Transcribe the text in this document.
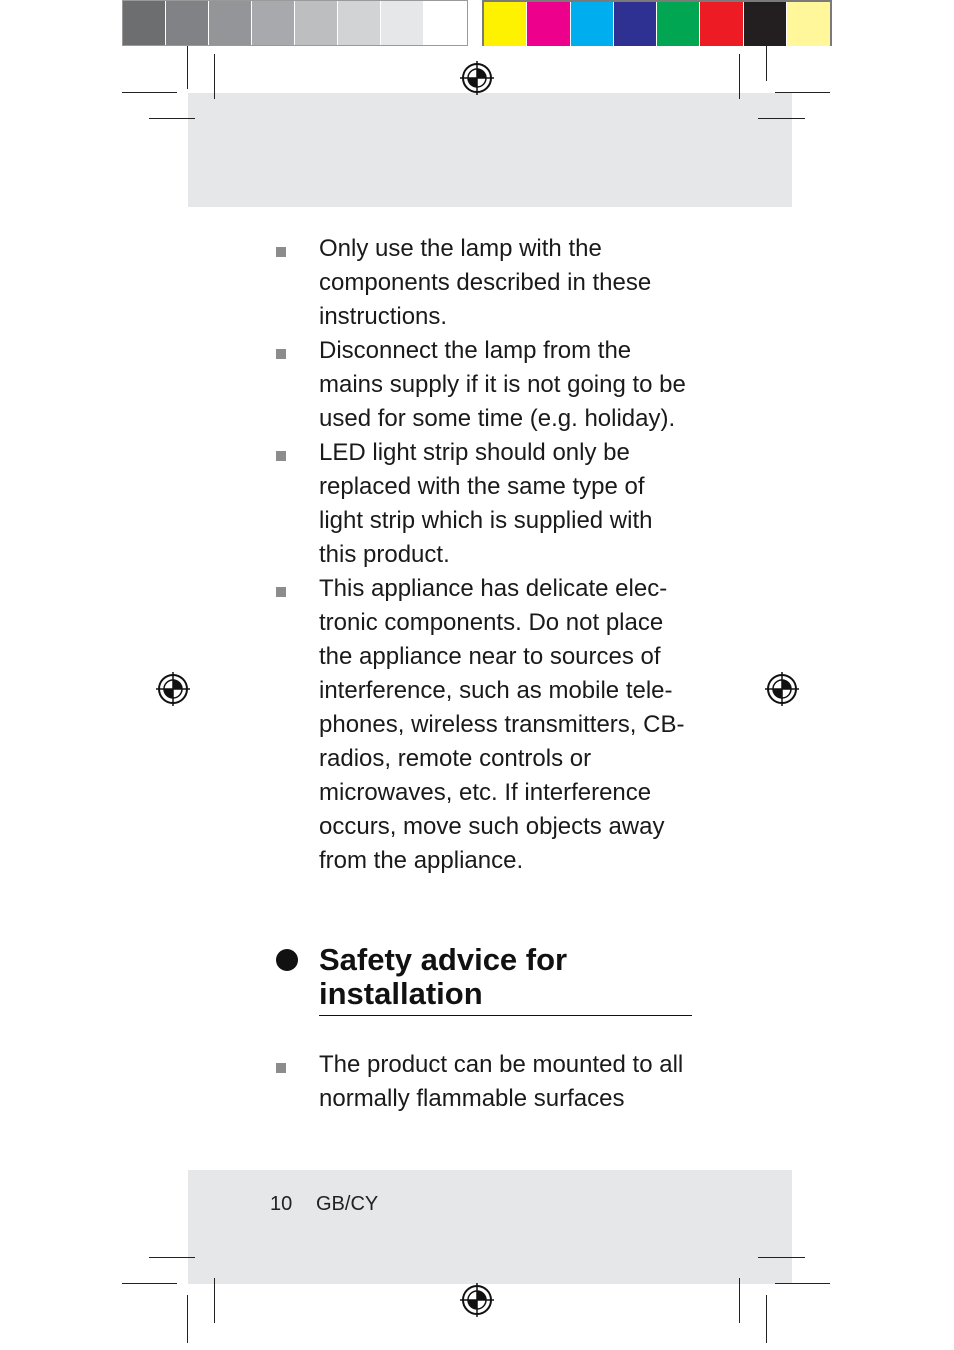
Only use the lamp with the components described in these instructions.
Disconnect the lamp from the mains supply if it is not going to be used for some time (e.g. holiday).
LED light strip should only be replaced with the same type of light strip which is supplied with this product.
This appliance has delicate elec-tronic components. Do not place the appliance near to sources of interference, such as mobile tele-phones, wireless transmitters, CB-radios, remote controls or microwaves, etc. If interference occurs, move such objects away from the appliance.
Safety advice for installation
The product can be mounted to all normally flammable surfaces
10 GB/CY
